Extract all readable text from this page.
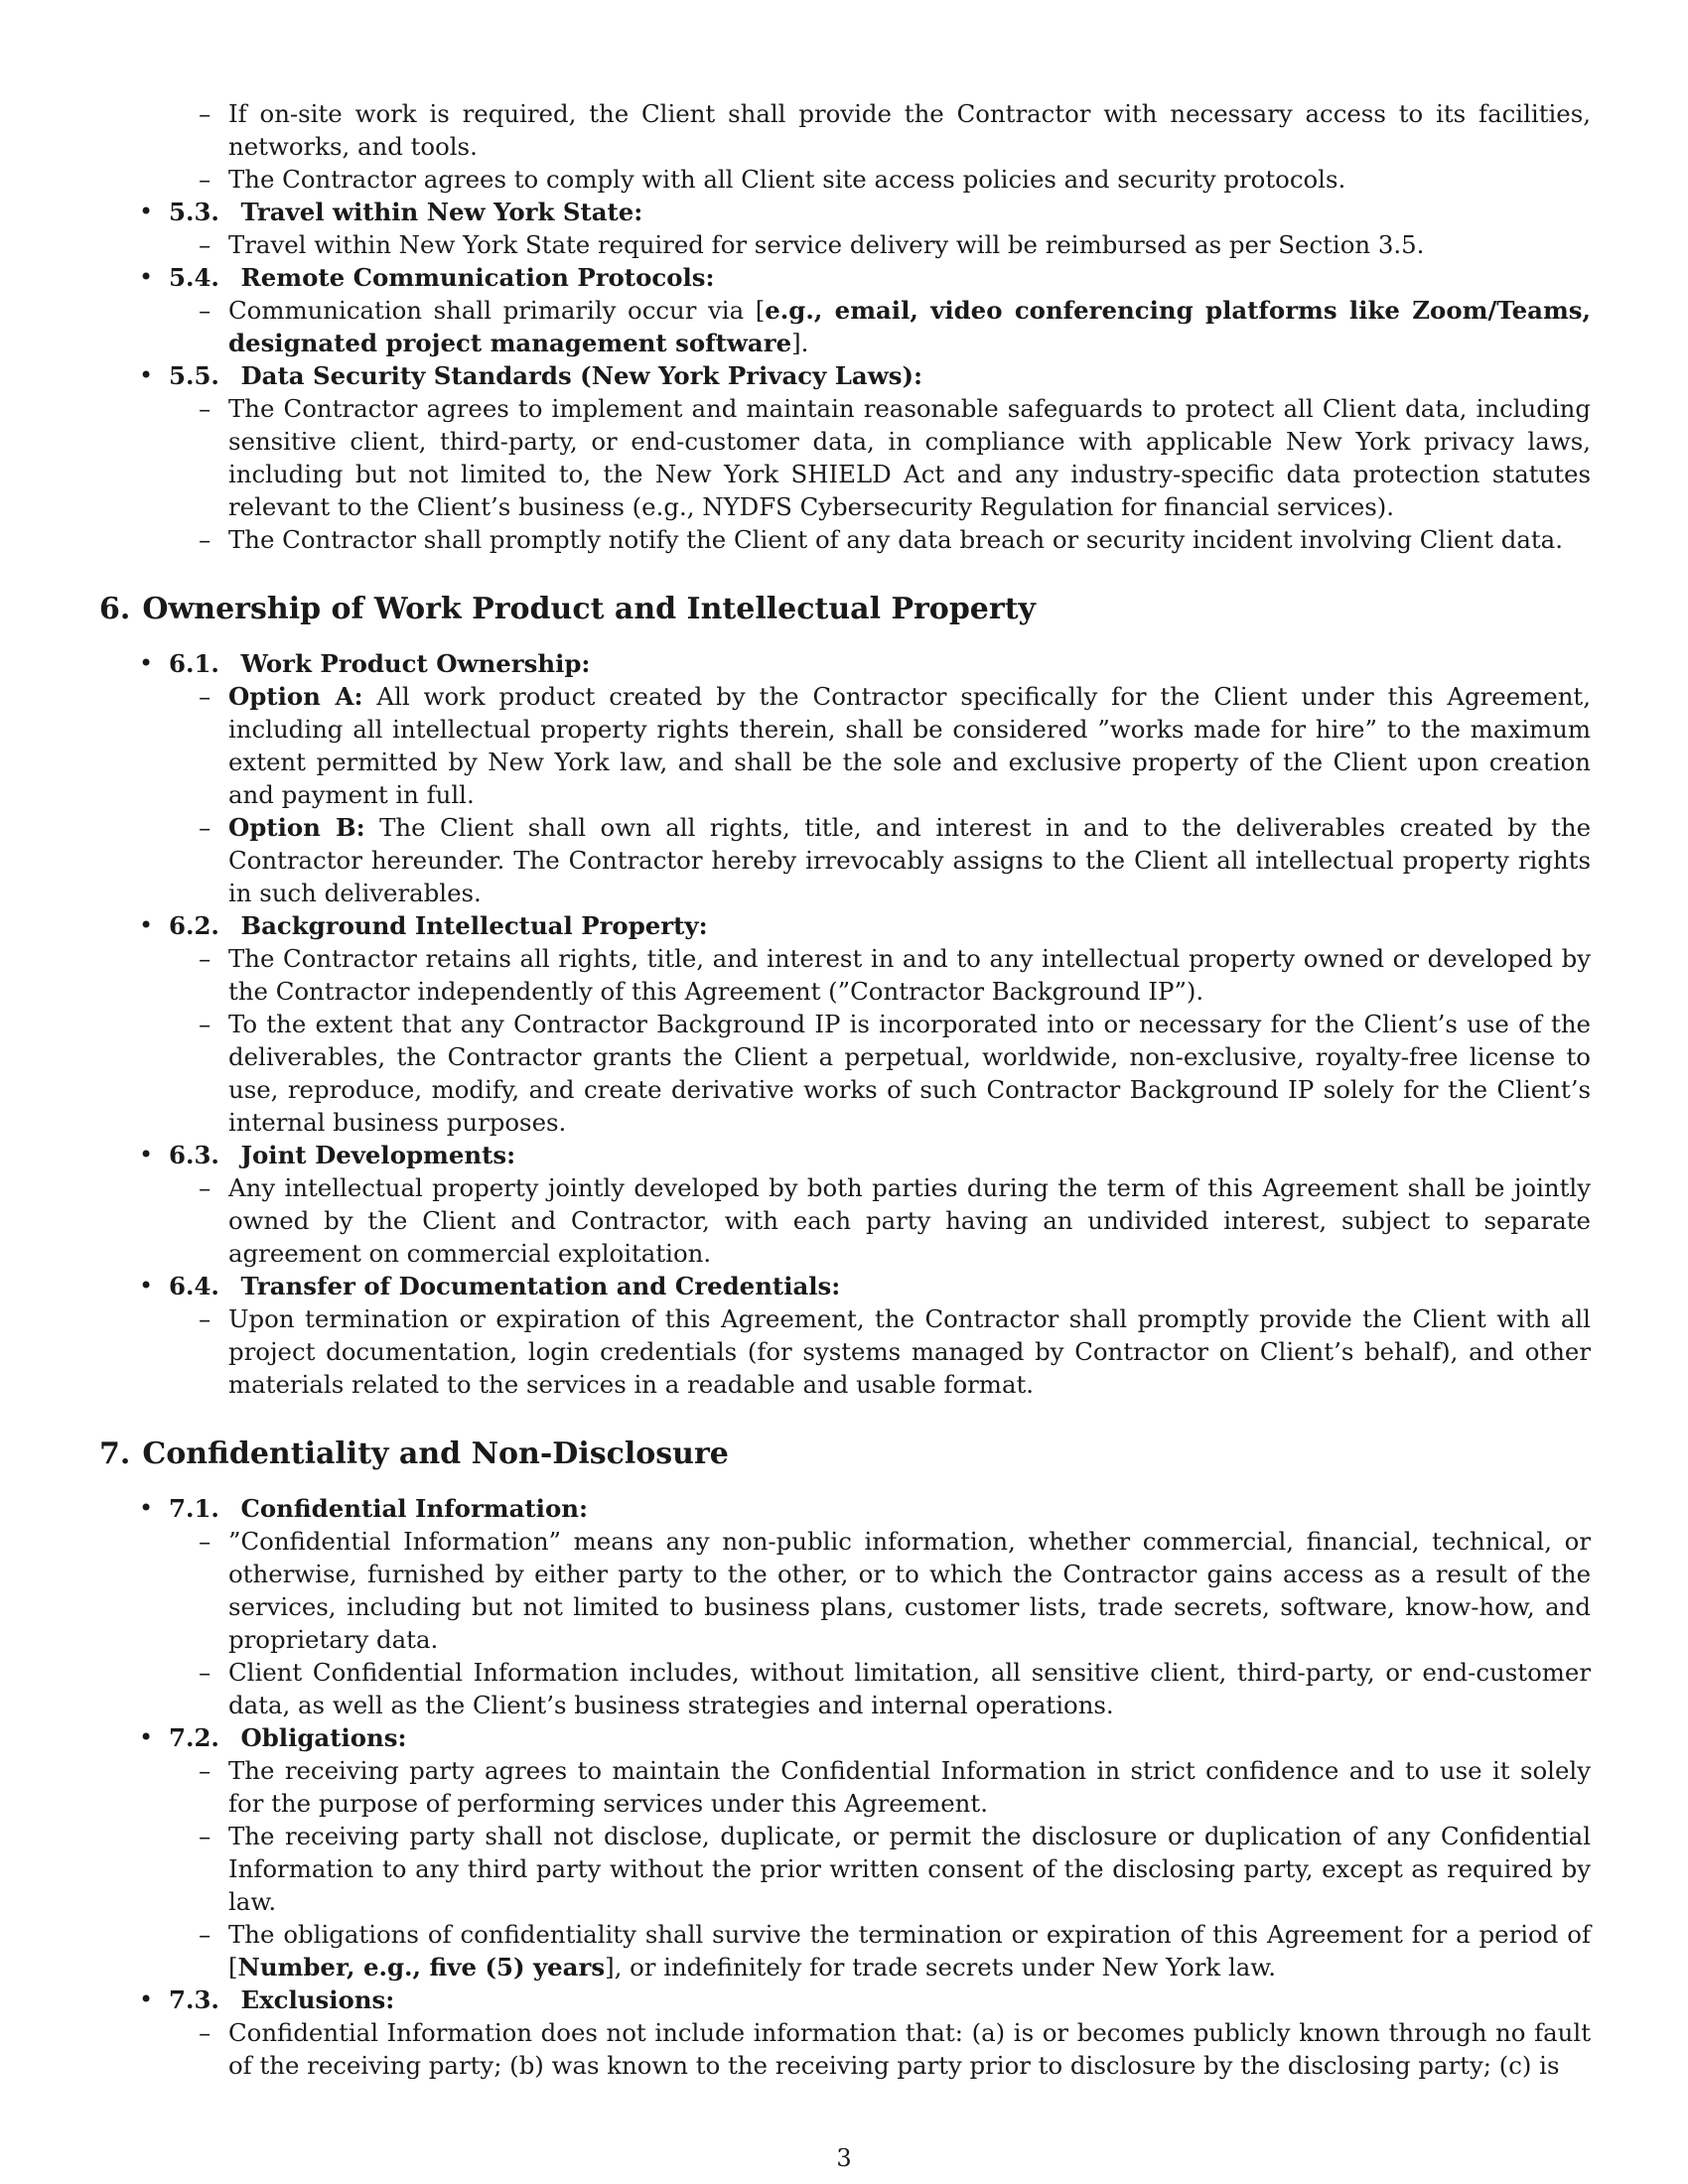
– If on-site work is required, the Client shall provide the Contractor with necessary access to its facilities, networks, and tools.
– The Contractor agrees to comply with all Client site access policies and security protocols.
• 5.3. Travel within New York State:
– Travel within New York State required for service delivery will be reimbursed as per Section 3.5.
• 5.4. Remote Communication Protocols:
– Communication shall primarily occur via [e.g., email, video conferencing platforms like Zoom/Teams, designated project management software].
• 5.5. Data Security Standards (New York Privacy Laws):
– The Contractor agrees to implement and maintain reasonable safeguards to protect all Client data, including sensitive client, third-party, or end-customer data, in compliance with applicable New York privacy laws, including but not limited to, the New York SHIELD Act and any industry-specific data protection statutes relevant to the Client’s business (e.g., NYDFS Cybersecurity Regulation for financial services).
– The Contractor shall promptly notify the Client of any data breach or security incident involving Client data.
6. Ownership of Work Product and Intellectual Property
• 6.1. Work Product Ownership:
– Option A: All work product created by the Contractor specifically for the Client under this Agreement, including all intellectual property rights therein, shall be considered ”works made for hire” to the maximum extent permitted by New York law, and shall be the sole and exclusive property of the Client upon creation and payment in full.
– Option B: The Client shall own all rights, title, and interest in and to the deliverables created by the Contractor hereunder. The Contractor hereby irrevocably assigns to the Client all intellectual property rights in such deliverables.
• 6.2. Background Intellectual Property:
– The Contractor retains all rights, title, and interest in and to any intellectual property owned or developed by the Contractor independently of this Agreement (”Contractor Background IP”).
– To the extent that any Contractor Background IP is incorporated into or necessary for the Client’s use of the deliverables, the Contractor grants the Client a perpetual, worldwide, non-exclusive, royalty-free license to use, reproduce, modify, and create derivative works of such Contractor Background IP solely for the Client’s internal business purposes.
• 6.3. Joint Developments:
– Any intellectual property jointly developed by both parties during the term of this Agreement shall be jointly owned by the Client and Contractor, with each party having an undivided interest, subject to separate agreement on commercial exploitation.
• 6.4. Transfer of Documentation and Credentials:
– Upon termination or expiration of this Agreement, the Contractor shall promptly provide the Client with all project documentation, login credentials (for systems managed by Contractor on Client’s behalf), and other materials related to the services in a readable and usable format.
7. Confidentiality and Non-Disclosure
• 7.1. Confidential Information:
– ”Confidential Information” means any non-public information, whether commercial, financial, technical, or otherwise, furnished by either party to the other, or to which the Contractor gains access as a result of the services, including but not limited to business plans, customer lists, trade secrets, software, know-how, and proprietary data.
– Client Confidential Information includes, without limitation, all sensitive client, third-party, or end-customer data, as well as the Client’s business strategies and internal operations.
• 7.2. Obligations:
– The receiving party agrees to maintain the Confidential Information in strict confidence and to use it solely for the purpose of performing services under this Agreement.
– The receiving party shall not disclose, duplicate, or permit the disclosure or duplication of any Confidential Information to any third party without the prior written consent of the disclosing party, except as required by law.
– The obligations of confidentiality shall survive the termination or expiration of this Agreement for a period of [Number, e.g., five (5) years], or indefinitely for trade secrets under New York law.
• 7.3. Exclusions:
– Confidential Information does not include information that: (a) is or becomes publicly known through no fault of the receiving party; (b) was known to the receiving party prior to disclosure by the disclosing party; (c) is
3
